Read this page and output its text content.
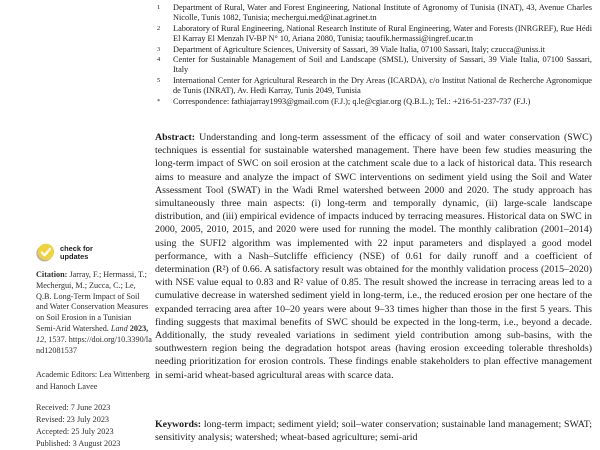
check for
updates

Citation: Jarray, F.; Hermassi, T.; Mechergui, M.; Zucca, C.; Le, Q.B. Long-Term Impact of Soil and Water Conservation Measures on Soil Erosion in a Tunisian Semi-Arid Watershed. Land 2023, 12, 1537. https://doi.org/10.3390/land12081537

Academic Editors: Lea Wittenberg and Hanoch Lavee

Received: 7 June 2023
Revised: 23 July 2023
Accepted: 25 July 2023
Published: 3 August 2023
1	Department of Rural, Water and Forest Engineering, National Institute of Agronomy of Tunisia (INAT), 43, Avenue Charles Nicolle, Tunis 1082, Tunisia; mechergui.med@inat.agrinet.tn
2	Laboratory of Rural Engineering, National Research Institute of Rural Engineering, Water and Forests (INRGREF), Rue Hédi El Karray El Menzah IV-BP N° 10, Ariana 2080, Tunisia; taoufik.hermassi@ingref.ucar.tn
3	Department of Agriculture Sciences, University of Sassari, 39 Viale Italia, 07100 Sassari, Italy; czucca@uniss.it
4	Center for Sustainable Management of Soil and Landscape (SMSL), University of Sassari, 39 Viale Italia, 07100 Sassari, Italy
5	International Center for Agricultural Research in the Dry Areas (ICARDA), c/o Institut National de Recherche Agronomique de Tunis (INRAT), Av. Hedi Karray, Tunis 2049, Tunisia
*	Correspondence: fathiajarray1993@gmail.com (F.J.); q.le@cgiar.org (Q.B.L.); Tel.: +216-51-237-737 (F.J.)

Abstract: Understanding and long-term assessment of the efficacy of soil and water conservation (SWC) techniques is essential for sustainable watershed management. There have been few studies measuring the long-term impact of SWC on soil erosion at the catchment scale due to a lack of historical data. This research aims to measure and analyze the impact of SWC interventions on sediment yield using the Soil and Water Assessment Tool (SWAT) in the Wadi Rmel watershed between 2000 and 2020. The study approach has simultaneously three main aspects: (i) long-term and temporally dynamic, (ii) large-scale landscape distribution, and (iii) empirical evidence of impacts induced by terracing measures. Historical data on SWC in 2000, 2005, 2010, 2015, and 2020 were used for running the model. The monthly calibration (2001–2014) using the SUFI2 algorithm was implemented with 22 input parameters and displayed a good model performance, with a Nash–Sutcliffe efficiency (NSE) of 0.61 for daily runoff and a coefficient of determination (R²) of 0.66. A satisfactory result was obtained for the monthly validation process (2015–2020) with NSE value equal to 0.83 and R² value of 0.85. The result showed the increase in terracing areas led to a cumulative decrease in watershed sediment yield in long-term, i.e., the reduced erosion per one hectare of the expanded terracing area after 10–20 years were about 9–33 times higher than those in the first 5 years. This finding suggests that maximal benefits of SWC should be expected in the long-term, i.e., beyond a decade. Additionally, the study revealed variations in sediment yield contribution among sub-basins, with the southwestern region being the degradation hotspot areas (having erosion exceeding tolerable thresholds) needing prioritization for erosion controls. These findings enable stakeholders to plan effective management in semi-arid wheat-based agricultural areas with scarce data.

Keywords: long-term impact; sediment yield; soil–water conservation; sustainable land management; SWAT; sensitivity analysis; watershed; wheat-based agriculture; semi-arid
